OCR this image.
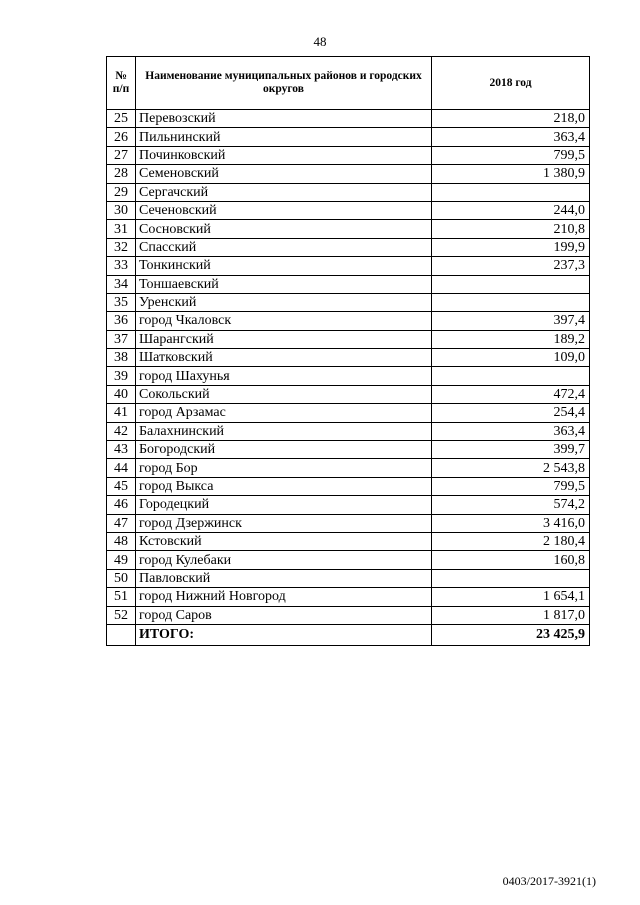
48
№ п/п	Наименование муниципальных районов и городских округов	2018 год
25	Перевозский	218,0
26	Пильнинский	363,4
27	Починковский	799,5
28	Семеновский	1 380,9
29	Сергачский	
30	Сеченовский	244,0
31	Сосновский	210,8
32	Спасский	199,9
33	Тонкинский	237,3
34	Тоншаевский	
35	Уренский	
36	город Чкаловск	397,4
37	Шарангский	189,2
38	Шатковский	109,0
39	город Шахунья	
40	Сокольский	472,4
41	город Арзамас	254,4
42	Балахнинский	363,4
43	Богородский	399,7
44	город Бор	2 543,8
45	город Выкса	799,5
46	Городецкий	574,2
47	город Дзержинск	3 416,0
48	Кстовский	2 180,4
49	город Кулебаки	160,8
50	Павловский	
51	город Нижний Новгород	1 654,1
52	город Саров	1 817,0
	ИТОГО:	23 425,9
0403/2017-3921(1)
